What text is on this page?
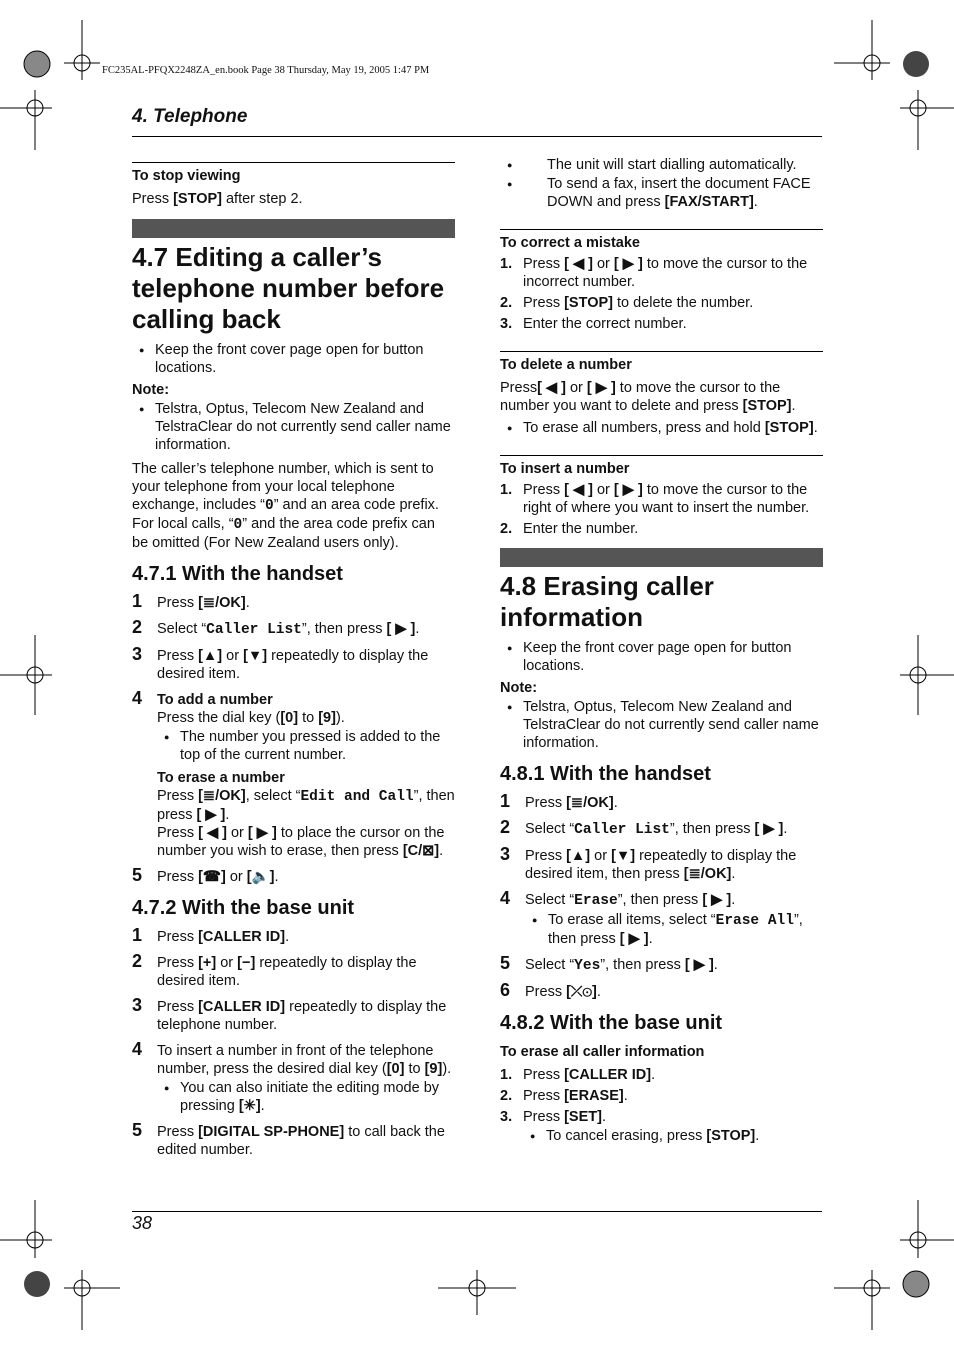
FC235AL-PFQX2248ZA_en.book Page 38 Thursday, May 19, 2005 1:47 PM
4. Telephone

To stop viewing

Press [STOP] after step 2.

4.7 Editing a caller’s telephone number before calling back

● Keep the front cover page open for button locations.

Note:

● Telstra, Optus, Telecom New Zealand and TelstraClear do not currently send caller name information.

The caller’s telephone number, which is sent to your telephone from your local telephone exchange, includes “0” and an area code prefix. For local calls, “0” and the area code prefix can be omitted (For New Zealand users only).

4.7.1 With the handset
1 Press [≣/OK].
2 Select “Caller List”, then press [ ▶ ].
3 Press [▲] or [▼] repeatedly to display the desired item.
4 To add a number

Press the dial key ([0] to [9]).

● The number you pressed is added to the top of the current number.

To erase a number

Press [≣/OK], select “Edit and Call”, then press [ ▶ ].

Press [ ◀ ] or [ ▶ ] to place the cursor on the number you wish to erase, then press [C/⊠].

5 Press [☎] or [🔈].
4.7.2 With the base unit
1 Press [CALLER ID].
2 Press [+] or [−] repeatedly to display the desired item.
3 Press [CALLER ID] repeatedly to display the telephone number.
4 To insert a number in front of the telephone number, press the desired dial key ([0] to [9]).

● You can also initiate the editing mode by pressing [✳].

5 Press [DIGITAL SP-PHONE] to call back the edited number.

● The unit will start dialling automatically.

● To send a fax, insert the document FACE DOWN and press [FAX/START].

To correct a mistake

1. Press [ ◀ ] or [ ▶ ] to move the cursor to the incorrect number.
2. Press [STOP] to delete the number.
3. Enter the correct number.

To delete a number

Press[ ◀ ] or [ ▶ ] to move the cursor to the number you want to delete and press [STOP].

● To erase all numbers, press and hold [STOP].

To insert a number

1. Press [ ◀ ] or [ ▶ ] to move the cursor to the right of where you want to insert the number.
2. Enter the number.
4.8 Erasing caller information

● Keep the front cover page open for button locations.

Note:

● Telstra, Optus, Telecom New Zealand and TelstraClear do not currently send caller name information.

4.8.1 With the handset
1 Press [≣/OK].
2 Select “Caller List”, then press [ ▶ ].
3 Press [▲] or [▼] repeatedly to display the desired item, then press [≣/OK].
4 Select “Erase”, then press [ ▶ ].

● To erase all items, select “Erase All”, then press [ ▶ ].

5 Select “Yes”, then press [ ▶ ].
6 Press [⤫⊙].
4.8.2 With the base unit

To erase all caller information

1. Press [CALLER ID].
2. Press [ERASE].
3. Press [SET].

● To cancel erasing, press [STOP].

38
